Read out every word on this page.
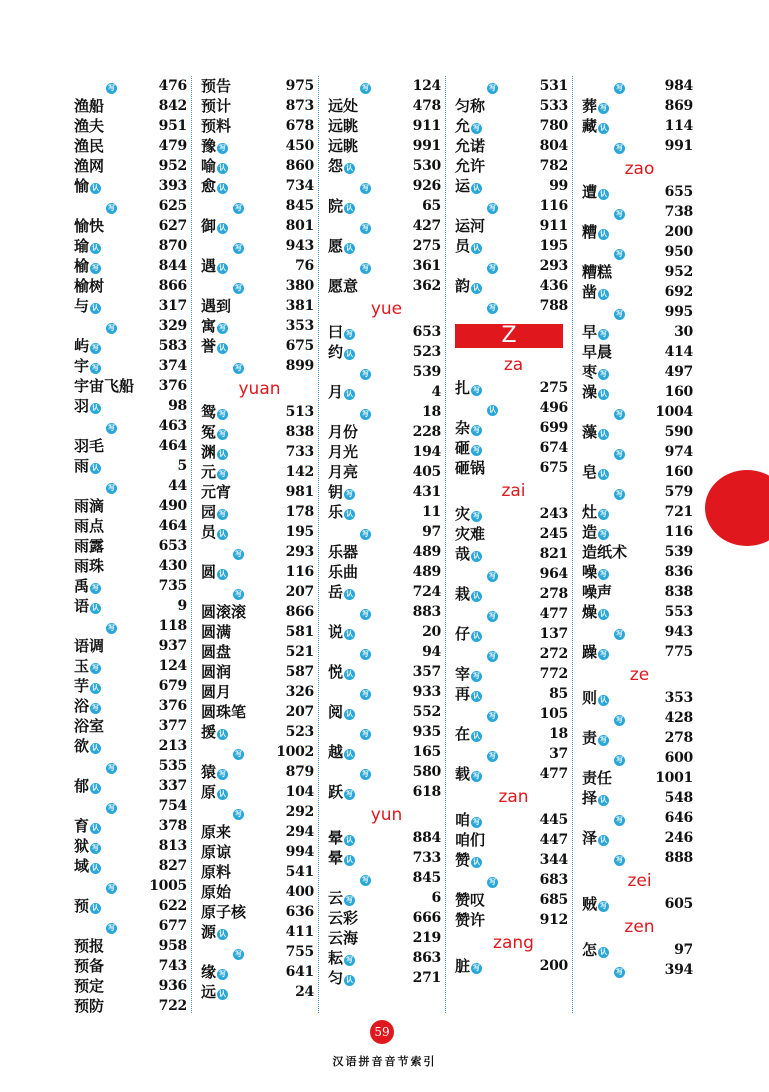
写	476
渔船	842
渔夫	951
渔民	479
渔网	952
愉 认	393
写	625
愉快	627
瑜 认	870
榆 写	844
榆树	866
与 认	317
写	329
屿 写	583
宇 写	374
宇宙飞船 376
羽 认	98
写	463
羽毛	464
雨 认	5
写	44
雨滴	490
雨点	464
雨露	653
雨珠	430
禹 写	735
语 认	9
写	118
语调	937
玉 写	124
芋 认	679
浴 写	376
浴室	377
欲 认	213
写	535
郁 认	337
写	754
育 认	378
狱 写	813
域 认	827
写 1005
预 认	622
写	677
预报	958
预备	743
预定	936
预防	722
预告	975
预计	873
预料	678
豫 写	450
喻 认	860
愈 认	734
写	845
御 认	801
写	943
遇 认	76
写	380
遇到	381
寓 写	353
誉 认	675
写	899
yuan
鸳 写	513
冤 写	838
渊 认	733
元 写	142
元宵	981
园 写	178
员 认	195
写	293
圆 认	116
写	207
圆滚滚	866
圆满	581
圆盘	521
圆润	587
圆月	326
圆珠笔	207
援 认	523
写 1002
猿 写	879
原 认	104
写	292
原来	294
原谅	994
原料	541
原始	400
原子核	636
源 认	411
写	755
缘 写	641
远 认	24
写	124
远处	478
远眺	911
远眺	991
怨 认	530
写	926
院 认	65
写	427
愿 认	275
写	361
愿意	362
yue
曰 写	653
约 认	523
写	539
月 认	4
写	18
月份	228
月光	194
月亮	405
钥 写	431
乐 认	11
写	97
乐器	489
乐曲	489
岳 认	724
写	883
说 认	20
写	94
悦 认	357
写	933
阅 认	552
写	935
越 认	165
写	580
跃 写	618
yun
晕 认	884
晕 认	733
写	845
云 写	6
云彩	666
云海	219
耘 写	863
匀 认	271
写	531
匀称	533
允 写	780
允诺	804
允许	782
运 认	99
写	116
运河	911
员 认	195
写	293
韵 认	436
写	788
Z
za
扎 写	275
认	496
杂 写	699
砸 写	674
砸锅	675
zai
灾 写	243
灾难	245
哉 认	821
写	964
栽 认	278
写	477
仔 认	137
写	272
宰 写	772
再 认	85
写	105
在 认	18
写	37
载 写	477
zan
咱 写	445
咱们	447
赞 认	344
写	683
赞叹	685
赞许	912
zang
脏 写	200
写	984
葬 写	869
藏 认	114
写	991
zao
遭 认	655
写	738
糟 认	200
写	950
糟糕	952
凿 认	692
写	995
早 写	30
早晨	414
枣 写	497
澡 认	160
写 1004
藻 认	590
写	974
皂 认	160
写	579
灶 写	721
造 写	116
造纸术	539
噪 写	836
噪声	838
燥 认	553
写	943
躁 写	775
ze
则 认	353
写	428
责 写	278
写	600
责任	1001
择 认	548
写	646
泽 认	246
写	888
zei
贼 写	605
zen
怎 认	97
写	394
59
汉语拼音音节索引
